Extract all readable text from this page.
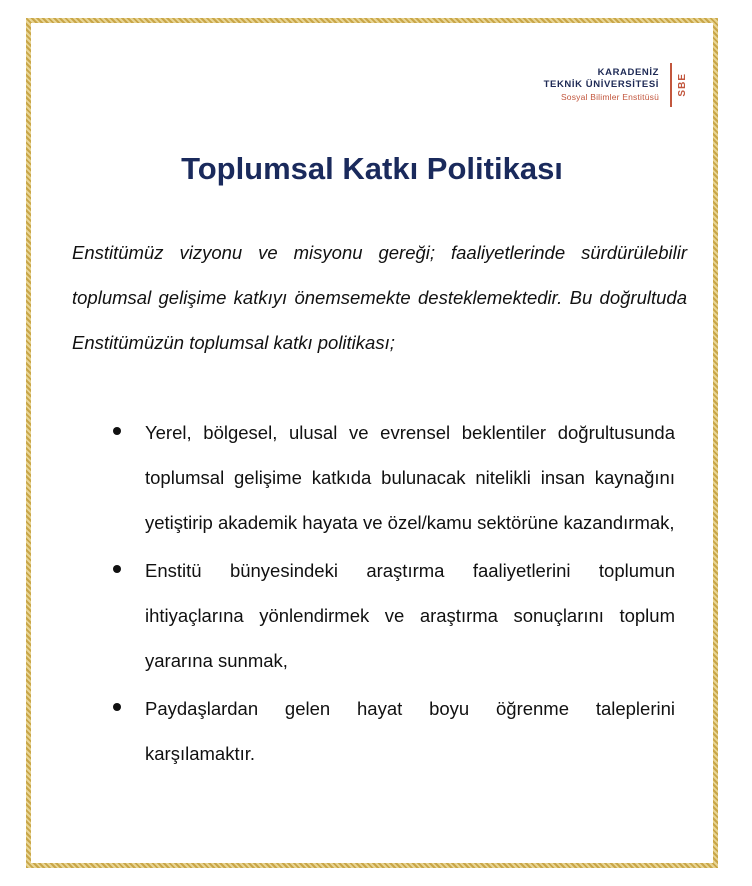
KARADENİZ
TEKNİK ÜNİVERSİTESİ
Sosyal Bilimler Enstitüsü
SBE
Toplumsal Katkı Politikası

Enstitümüz vizyonu ve misyonu gereği; faaliyetlerinde sürdürülebilir toplumsal gelişime katkıyı önemsemekte desteklemektedir. Bu doğrultuda Enstitümüzün toplumsal katkı politikası;

Yerel, bölgesel, ulusal ve evrensel beklentiler doğrultusunda toplumsal gelişime katkıda bulunacak nitelikli insan kaynağını yetiştirip akademik hayata ve özel/kamu sektörüne kazandırmak,
Enstitü bünyesindeki araştırma faaliyetlerini toplumun ihtiyaçlarına yönlendirmek ve araştırma sonuçlarını toplum yararına sunmak,
Paydaşlardan gelen hayat boyu öğrenme taleplerini karşılamaktır.
